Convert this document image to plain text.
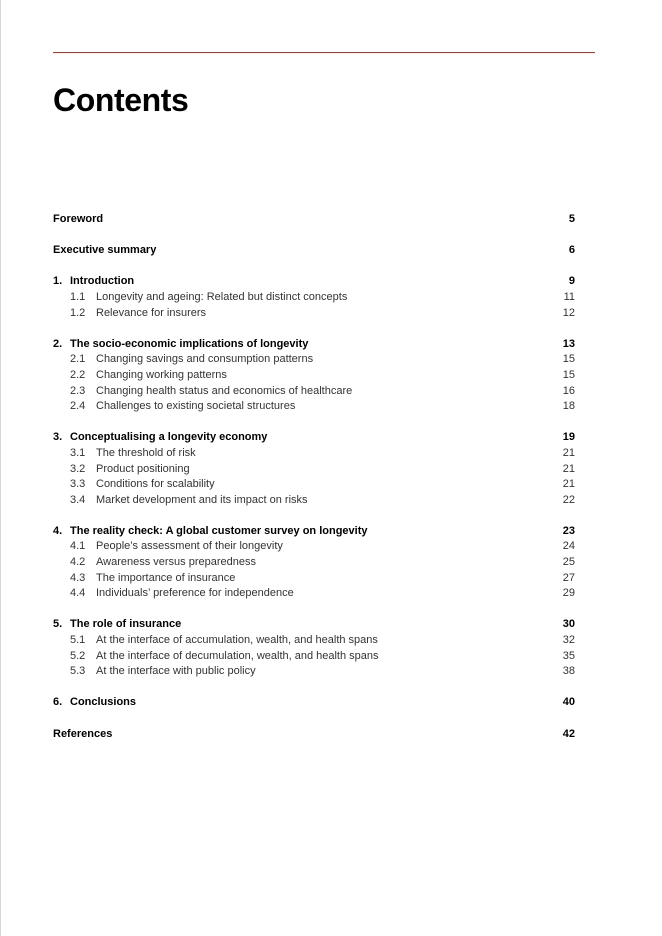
Contents
Foreword	5
Executive summary	6
1. Introduction	9
1.1 Longevity and ageing: Related but distinct concepts	11
1.2 Relevance for insurers	12
2. The socio-economic implications of longevity	13
2.1 Changing savings and consumption patterns	15
2.2 Changing working patterns	15
2.3 Changing health status and economics of healthcare	16
2.4 Challenges to existing societal structures	18
3. Conceptualising a longevity economy	19
3.1 The threshold of risk	21
3.2 Product positioning	21
3.3 Conditions for scalability	21
3.4 Market development and its impact on risks	22
4. The reality check: A global customer survey on longevity	23
4.1 People’s assessment of their longevity	24
4.2 Awareness versus preparedness	25
4.3 The importance of insurance	27
4.4 Individuals’ preference for independence	29
5. The role of insurance	30
5.1 At the interface of accumulation, wealth, and health spans	32
5.2 At the interface of decumulation, wealth, and health spans	35
5.3 At the interface with public policy	38
6. Conclusions	40
References	42
